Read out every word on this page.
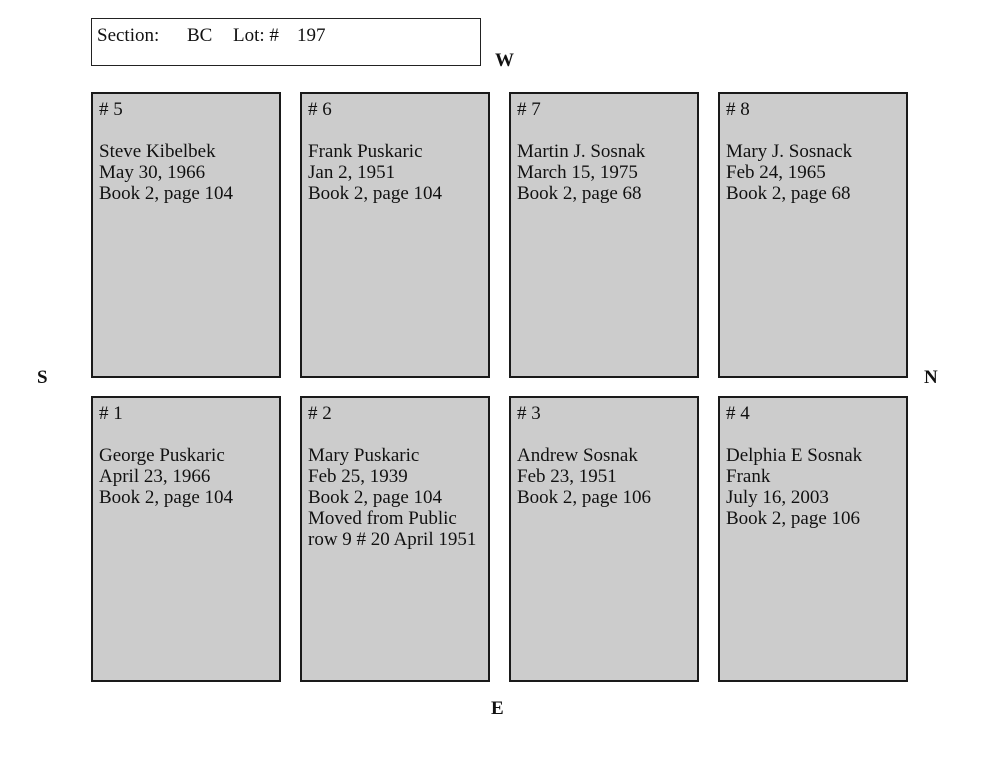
Section: BC Lot: # 197
W
S	N
E
# 5
Steve Kibelbek
May 30, 1966
Book 2, page 104
# 6
Frank Puskaric
Jan 2, 1951
Book 2, page 104
# 7
Martin J. Sosnak
March 15, 1975
Book 2, page 68
# 8
Mary J. Sosnack
Feb 24, 1965
Book 2, page 68
# 1
George Puskaric
April 23, 1966
Book 2, page 104
# 2
Mary Puskaric
Feb 25, 1939
Book 2, page 104
Moved from Public row 9 # 20 April 1951
# 3
Andrew Sosnak
Feb 23, 1951
Book 2, page 106
# 4
Delphia E Sosnak
Frank
July 16, 2003
Book 2, page 106
